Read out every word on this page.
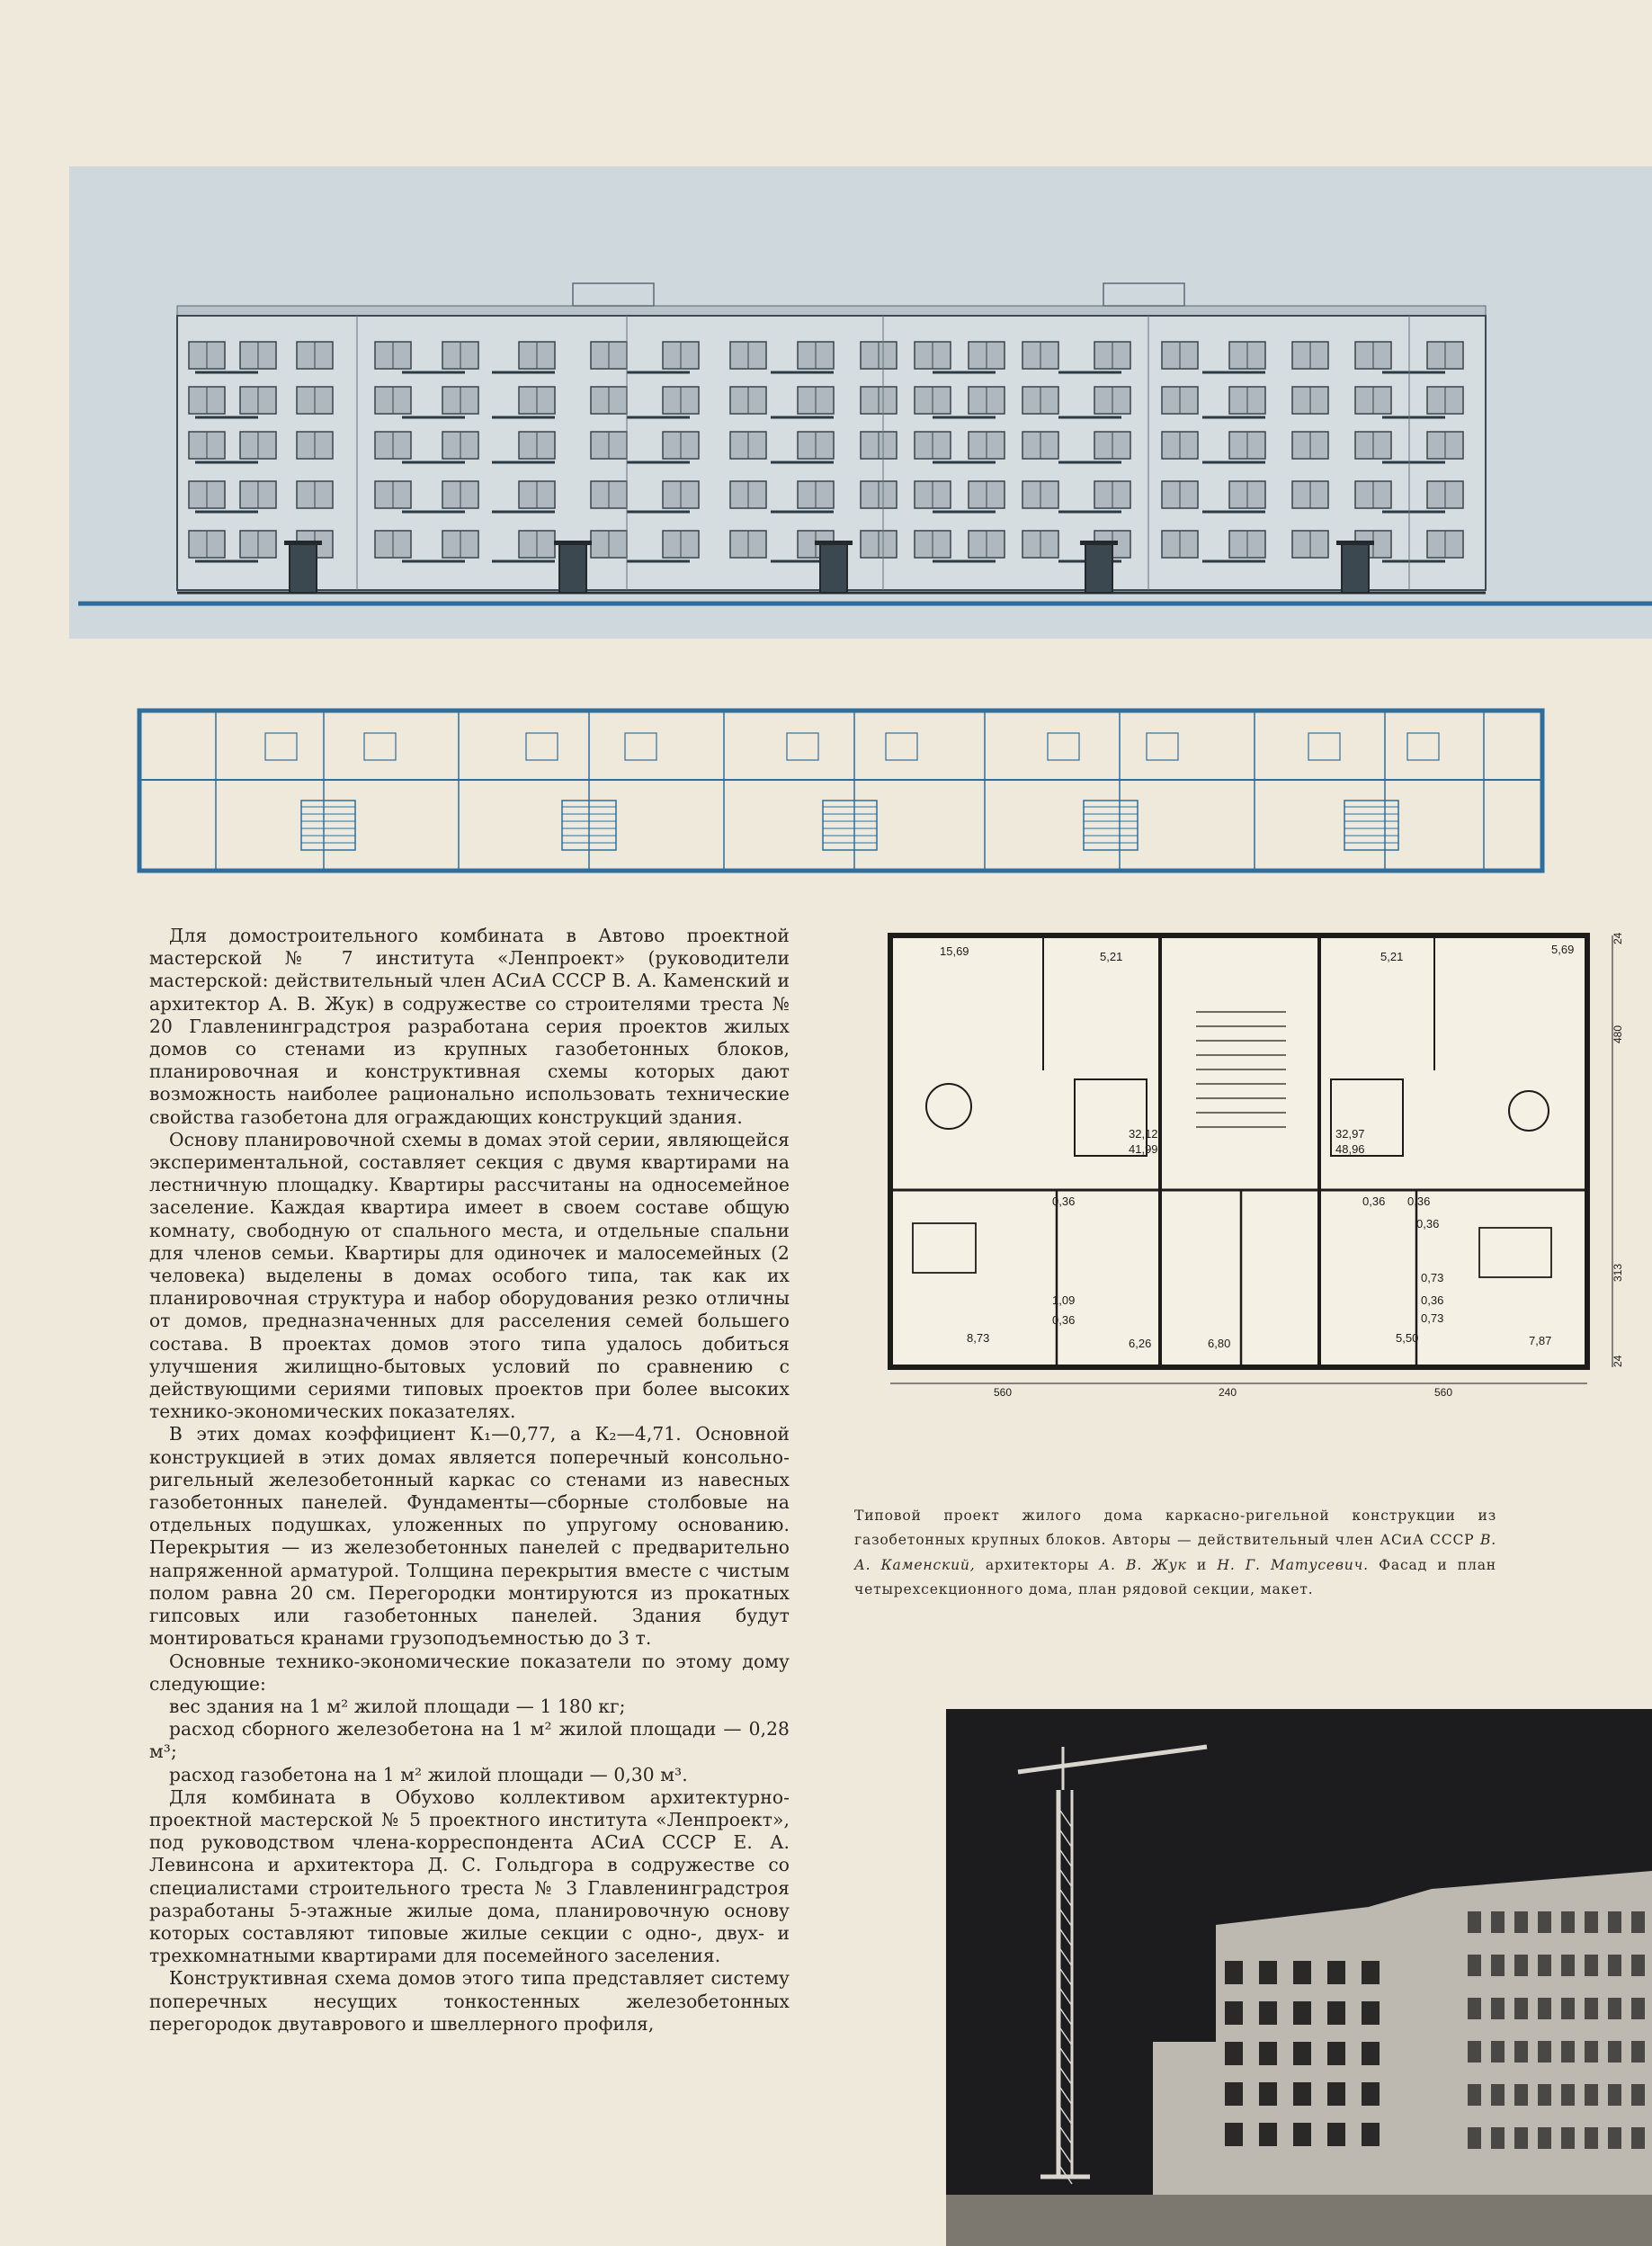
Для домостроительного комбината в Автово проектной мастерской № 7 института «Ленпроект» (руководители мастерской: действительный член АСиА СССР В. А. Каменский и архитектор А. В. Жук) в содружестве со строителями треста № 20 Главленинградстроя разработана серия проектов жилых домов со стенами из крупных газобетонных блоков, планировочная и конструктивная схемы которых дают возможность наиболее рационально использовать технические свойства газобетона для ограждающих конструкций здания.

Основу планировочной схемы в домах этой серии, являющейся экспериментальной, составляет секция с двумя квартирами на лестничную площадку. Квартиры рассчитаны на односемейное заселение. Каждая квартира имеет в своем составе общую комнату, свободную от спального места, и отдельные спальни для членов семьи. Квартиры для одиночек и малосемейных (2 человека) выделены в домах особого типа, так как их планировочная структура и набор оборудования резко отличны от домов, предназначенных для расселения семей большего состава. В проектах домов этого типа удалось добиться улучшения жилищно-бытовых условий по сравнению с действующими сериями типовых проектов при более высоких технико-экономических показателях.

В этих домах коэффициент К₁—0,77, а К₂—4,71. Основной конструкцией в этих домах является поперечный консольно-ригельный железобетонный каркас со стенами из навесных газобетонных панелей. Фундаменты—сборные столбовые на отдельных подушках, уложенных по упругому основанию. Перекрытия — из железобетонных панелей с предварительно напряженной арматурой. Толщина перекрытия вместе с чистым полом равна 20 см. Перегородки монтируются из прокатных гипсовых или газобетонных панелей. Здания будут монтироваться кранами грузоподъемностью до 3 т.

Основные технико-экономические показатели по этому дому следующие:

вес здания на 1 м² жилой площади — 1 180 кг;

расход сборного железобетона на 1 м² жилой площади — 0,28 м³;

расход газобетона на 1 м² жилой площади — 0,30 м³.

Для комбината в Обухово коллективом архитектурно-проектной мастерской № 5 проектного института «Ленпроект», под руководством члена-корреспондента АСиА СССР Е. А. Левинсона и архитектора Д. С. Гольдгора в содружестве со специалистами строительного треста № 3 Главленинградстроя разработаны 5-этажные жилые дома, планировочную основу которых составляют типовые жилые секции с одно-, двух- и трехкомнатными квартирами для посемейного заселения.

Конструктивная схема домов этого типа представляет систему поперечных несущих тонкостенных железобетонных перегородок двутаврового и швеллерного профиля,

15,69	5,21	5,21
5,69
32,12
41,99
32,97
48,96
0,36	0,36 0,36
1,09
0,36
8,73	6,26	6,80	5,50
0,36
7,87
0,73
0,73
0,36
560	240	560
24
480
313
24
Типовой проект жилого дома каркасно-ригельной конструкции из газобетонных крупных блоков. Авторы — действительный член АСиА СССР В. А. Каменский, архитекторы А. В. Жук и Н. Г. Матусевич. Фасад и план четырехсекционного дома, план рядовой секции, макет.
